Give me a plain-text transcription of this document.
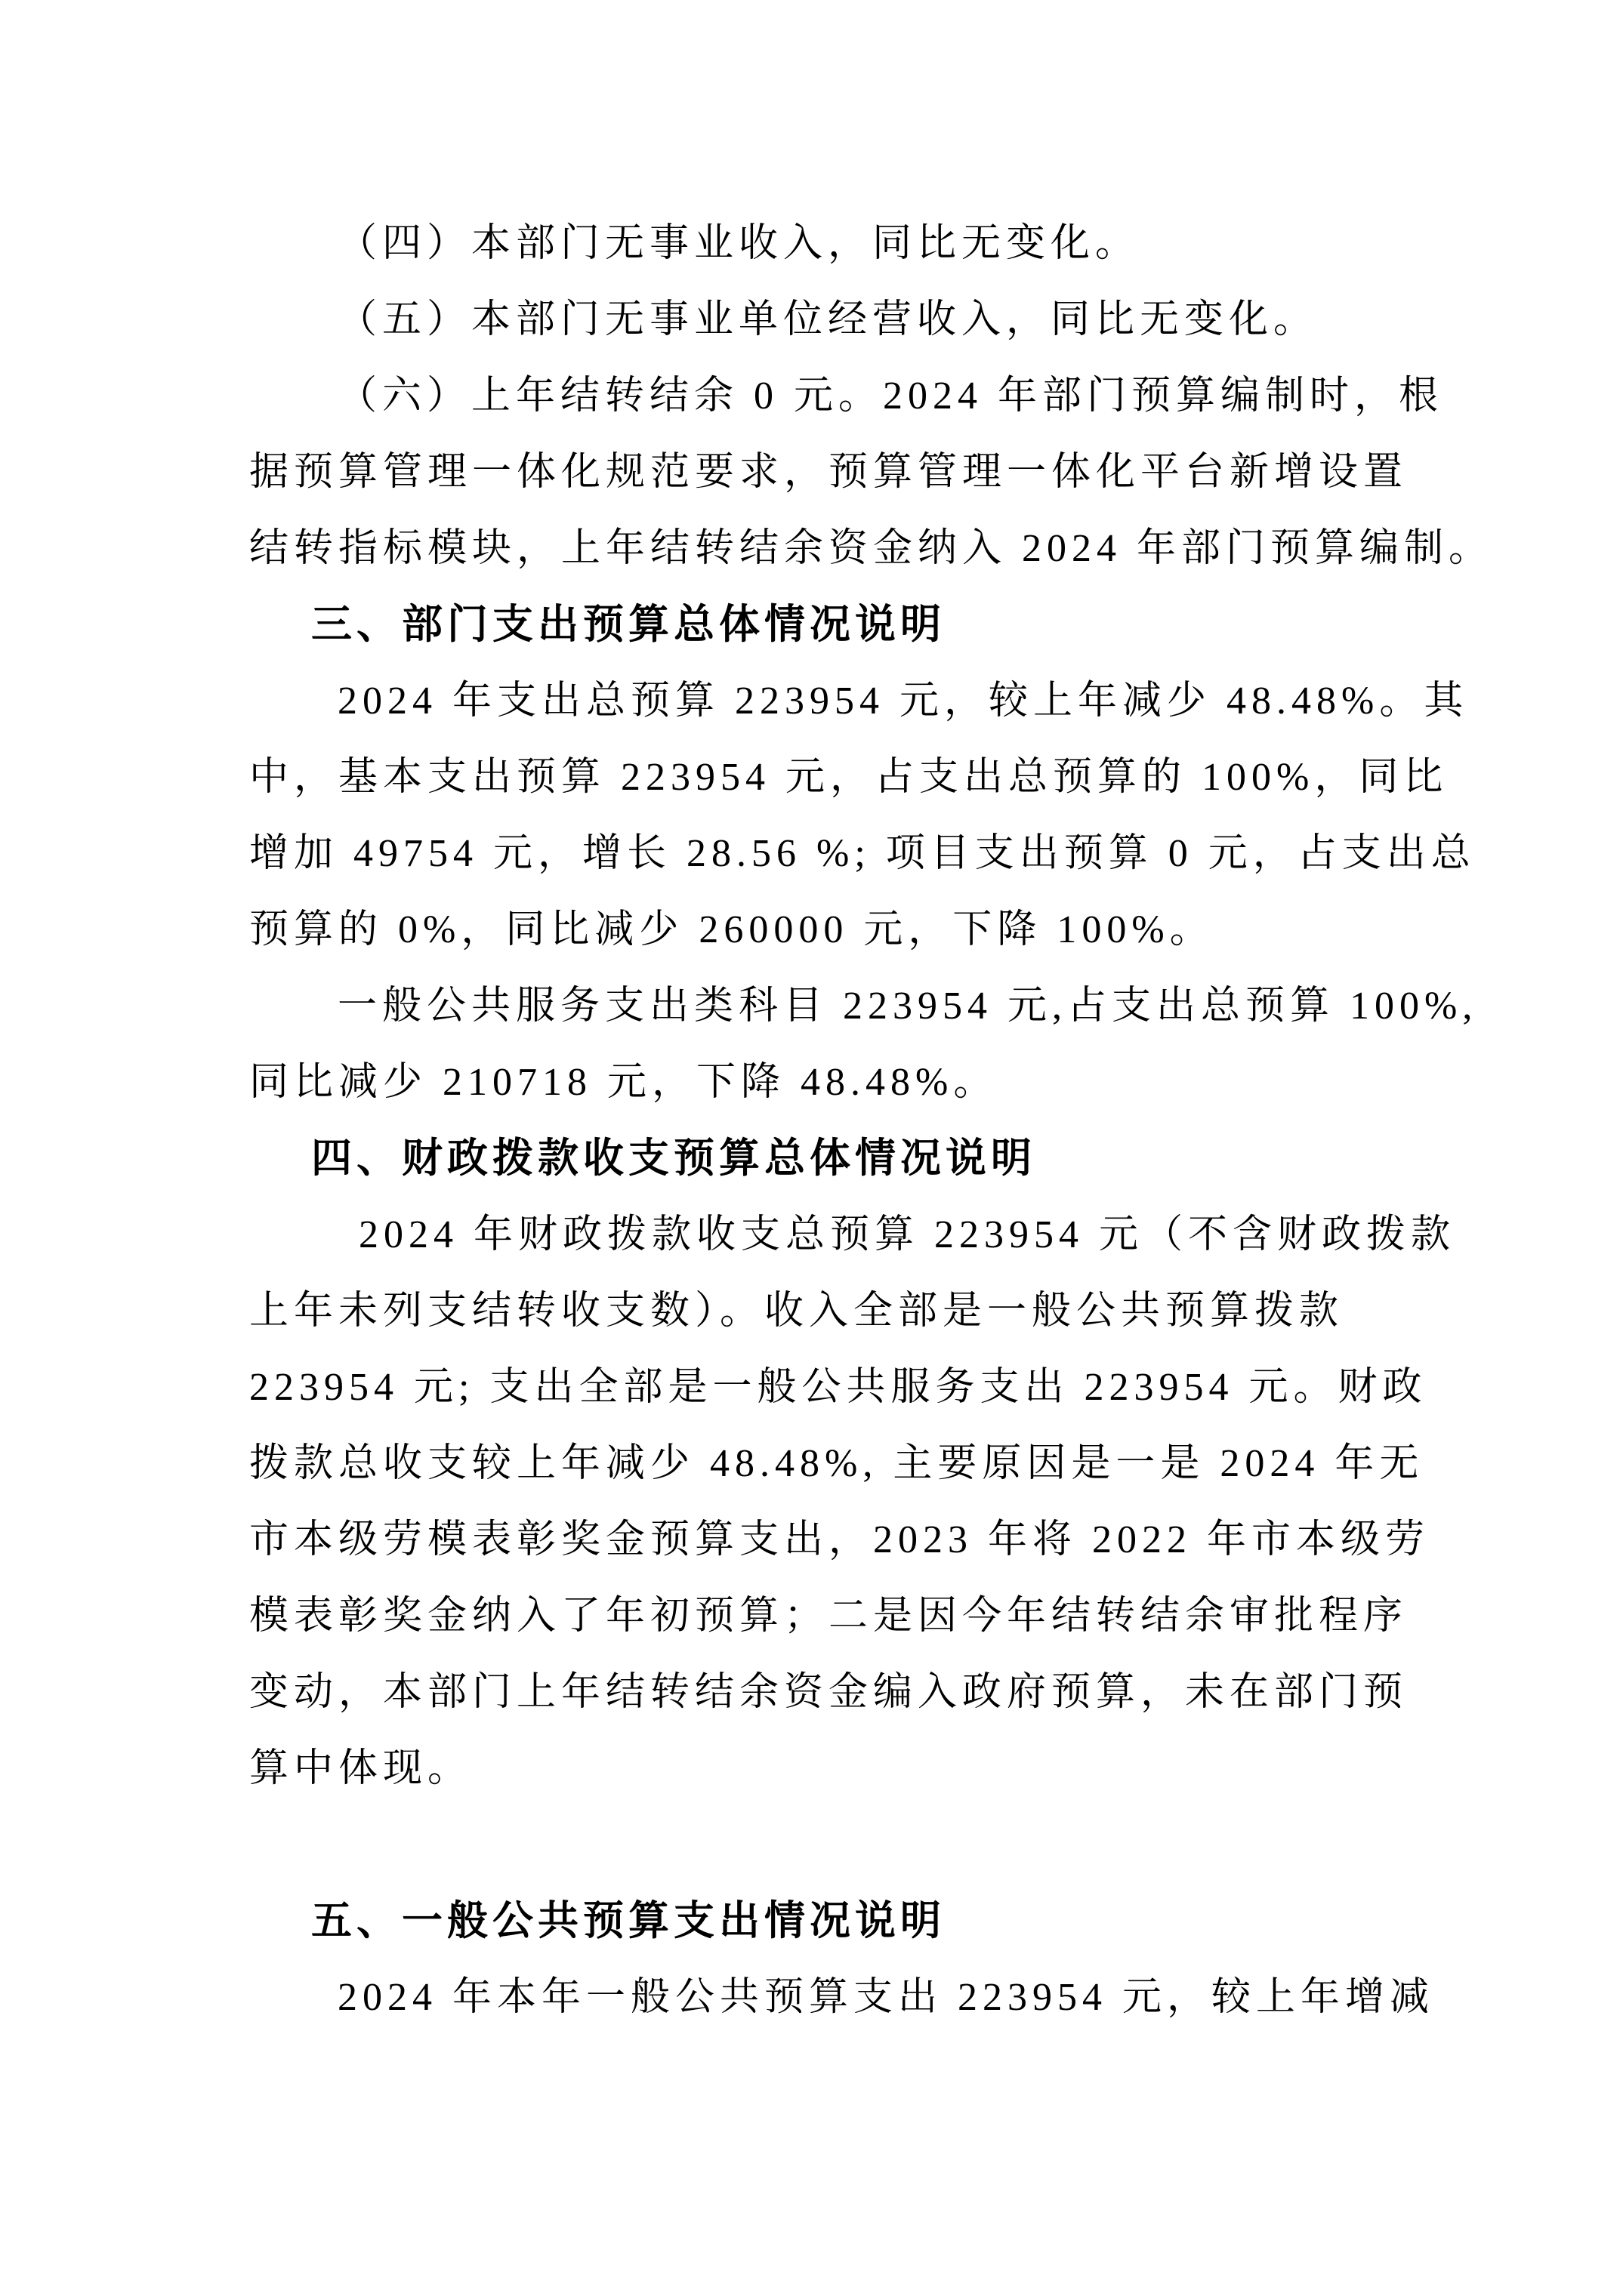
（四）本部门无事业收入，同比无变化。
（五）本部门无事业单位经营收入，同比无变化。
（六）上年结转结余 0 元。2024 年部门预算编制时，根
据预算管理一体化规范要求，预算管理一体化平台新增设置
结转指标模块，上年结转结余资金纳入 2024 年部门预算编制。
三、部门支出预算总体情况说明
2024 年支出总预算 223954 元，较上年减少 48.48%。其
中，基本支出预算 223954 元，占支出总预算的 100%，同比
增加 49754 元，增长 28.56 %; 项目支出预算 0 元，占支出总
预算的 0%，同比减少 260000 元，下降 100%。
一般公共服务支出类科目 223954 元,占支出总预算 100%,
同比减少 210718 元，下降 48.48%。
四、财政拨款收支预算总体情况说明
2024 年财政拨款收支总预算 223954 元（不含财政拨款
上年未列支结转收支数）。收入全部是一般公共预算拨款
223954 元; 支出全部是一般公共服务支出 223954 元。财政
拨款总收支较上年减少 48.48%, 主要原因是一是 2024 年无
市本级劳模表彰奖金预算支出，2023 年将 2022 年市本级劳
模表彰奖金纳入了年初预算；二是因今年结转结余审批程序
变动，本部门上年结转结余资金编入政府预算，未在部门预
算中体现。
五、一般公共预算支出情况说明
2024 年本年一般公共预算支出 223954 元，较上年增减
